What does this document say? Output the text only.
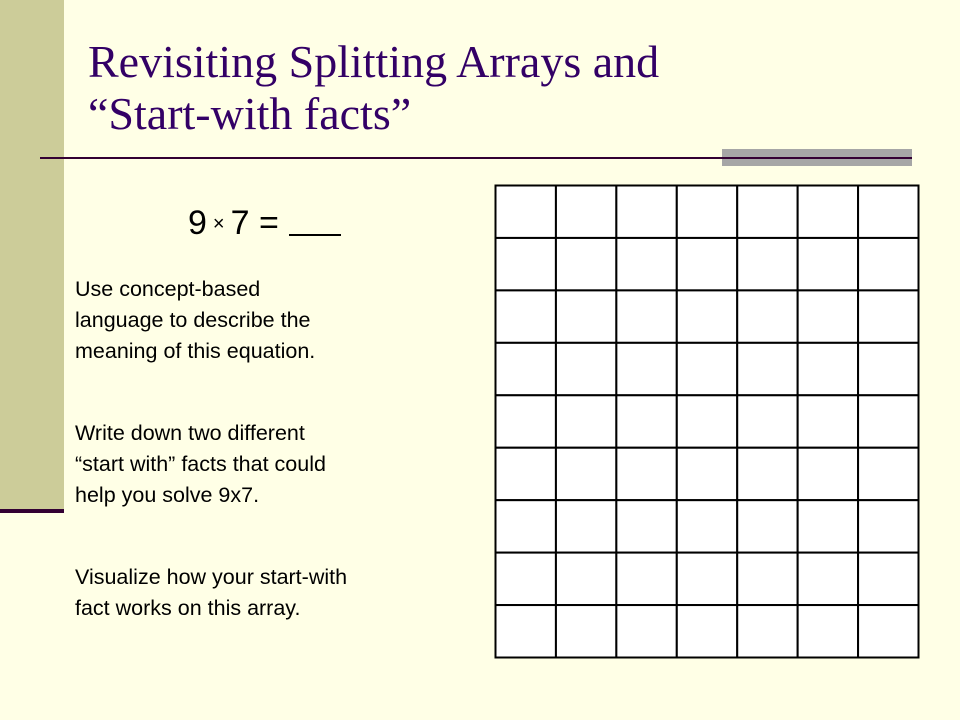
Revisiting Splitting Arrays and
“Start-with facts”
9 × 7 =

Use concept-based
language to describe the
meaning of this equation.

Write down two different
“start with” facts that could
help you solve 9x7.

Visualize how your start-with
fact works on this array.
